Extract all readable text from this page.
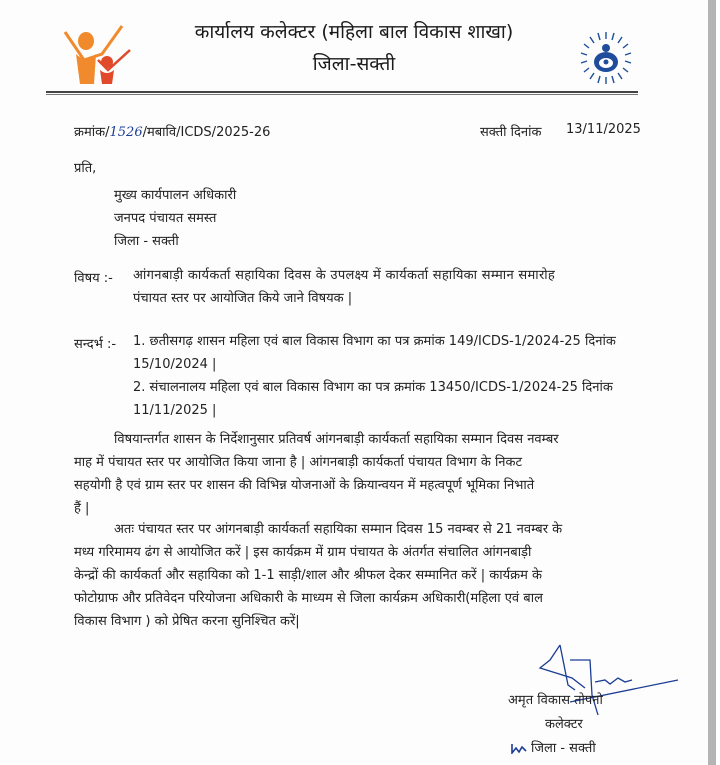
कार्यालय कलेक्टर (महिला बाल विकास शाखा)
जिला-सक्ती
क्रमांक/1526/मबावि/ICDS/2025-26	सक्ती दिनांक 13/11/2025
प्रति,
मुख्य कार्यपालन अधिकारी
जनपद पंचायत समस्त
जिला - सक्ती
विषय :- आंगनबाड़ी कार्यकर्ता सहायिका दिवस के उपलक्ष्य में कार्यकर्ता सहायिका सम्मान समारोह
पंचायत स्तर पर आयोजित किये जाने विषयक |
सन्दर्भ :- 1. छतीसगढ़ शासन महिला एवं बाल विकास विभाग का पत्र क्रमांक 149/ICDS-1/2024-25 दिनांक
15/10/2024 |
2. संचालनालय महिला एवं बाल विकास विभाग का पत्र क्रमांक 13450/ICDS-1/2024-25 दिनांक
11/11/2025 |
विषयान्तर्गत शासन के निर्देशानुसार प्रतिवर्ष आंगनबाड़ी कार्यकर्ता सहायिका सम्मान दिवस नवम्बर
माह में पंचायत स्तर पर आयोजित किया जाना है | आंगनबाड़ी कार्यकर्ता पंचायत विभाग के निकट
सहयोगी है एवं ग्राम स्तर पर शासन की विभिन्न योजनाओं के क्रियान्वयन में महत्वपूर्ण भूमिका निभाते
हैं |
अतः पंचायत स्तर पर आंगनबाड़ी कार्यकर्ता सहायिका सम्मान दिवस 15 नवम्बर से 21 नवम्बर के
मध्य गरिमामय ढंग से आयोजित करें | इस कार्यक्रम में ग्राम पंचायत के अंतर्गत संचालित आंगनबाड़ी
केन्द्रों की कार्यकर्ता और सहायिका को 1-1 साड़ी/शाल और श्रीफल देकर सम्मानित करें | कार्यक्रम के
फोटोग्राफ और प्रतिवेदन परियोजना अधिकारी के माध्यम से जिला कार्यक्रम अधिकारी(महिला एवं बाल
विकास विभाग ) को प्रेषित करना सुनिश्चित करें|
अमृत विकास तोपनो
कलेक्टर
जिला - सक्ती
